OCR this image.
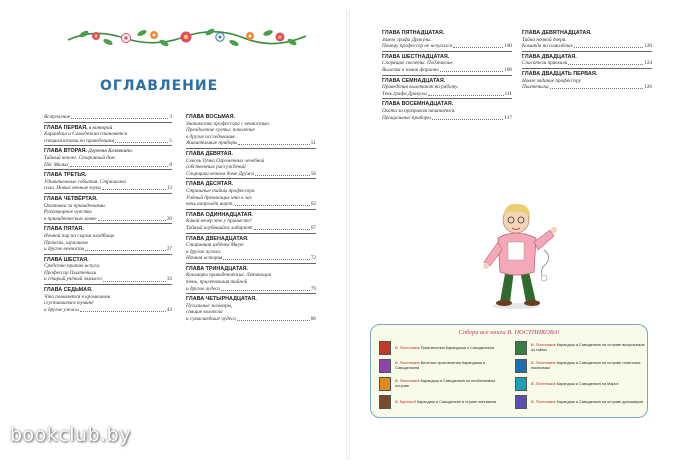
ОГЛАВЛЕНИЕ
Вступление	3
ГЛАВА ПЕРВАЯ, в которой
Карандаш и Самоделкин становятся
специалистами по приведениям	5
ГЛАВА ВТОРАЯ. Деревня Козявкино.
Тайный ночлег. Старинный дом.
Пёс Малых	8
ГЛАВА ТРЕТЬЯ.
Удивительные события. Страшилка
сила. Новые ночные звуки	13
ГЛАВА ЧЕТВЁРТАЯ.
Охотники за привидениями.
Рукотворное чувство
в привиденческом замке	20
ГЛАВА ПЯТАЯ.
Ночной пир на сыром кладбище.
Проказы, шумливые
и другие вечности	27
ГЛАВА ШЕСТАЯ.
Средство против испуга.
Профессор Пыхтеныхи
и старый учёный замысел	33
ГЛАВА СЕДЬМАЯ.
Что появляется в кромешном
сгустившемся тумане
и другие ужасы	43
ГЛАВА ВОСЬМАЯ.
Знакомство профессора с вечностью.
Преодоление суеты: поколение
в другие исследования.
Живительные приборы	51
ГЛАВА ДЕВЯТАЯ.
Сквозь Тучки Огромённых лечебной
собственных рассуждений
Спорщики вечном доме Дружи	56
ГЛАВА ДЕСЯТАЯ.
Страшные тайны профессора.
Учёный дремлющих что в лаз
ночь напролёт ищет.	62
ГЛАВА ОДИННАДЦАТАЯ.
Какой вечер это у пришеств?
Тайный клубящийся лабиринт	67
ГЛАВА ДВЕНАДЦАТАЯ.
Старинная избёнка Мяут
и другие пугала.
Ночная история	72
ГЛАВА ТРИНАДЦАТАЯ.
Кошмары привиденческих. Летающая
тень, прилетевшая тайной
и другие чудеса	79
ГЛАВА ЧЕТЫРНАДЦАТАЯ.
Пугальные заговоры,
спящие колокола
и сумасшедшие чудеса	86
ГЛАВА ПЯТНАДЦАТАЯ.
Замок графа Дракулы.
Почему профессор не испугался	100
ГЛАВА ШЕСТНАДЦАТАЯ.
Спорящие скелеты. Подземелье.
Вылазка в замок фараона	106
ГЛАВА СЕМНАДЦАТАЯ.
Приведения вылетают на работу.
Тень графа Дракулы	111
ГЛАВА ВОСЕМНАДЦАТАЯ.
Охота за призраком начинается.
Прощальные приборы	117
ГЛАВА ДЕВЯТНАДЦАТАЯ.
Тайна ночной двери.
Команда на самолётах	120
ГЛАВА ДВАДЦАТАЯ.
Спасатели приехали	124
ГЛАВА ДВАДЦАТЬ ПЕРВАЯ.
Новое задание профессору
Пыхтеныхи	126
Собери все книги В. ПОСТНИКОВА!
В. Постников Приключения Карандаша и Самоделкина
В. Постников Карандаш и Самоделкин на острове выпускников из тайны
В. Постников Весёлые приключения Карандаша и Самоделкина
В. Постников Карандаш и Самоделкин на острове гигантских насекомых
В. Постников Карандаш и Самоделкин на необитаемом острове
В. Постников Карандаш и Самоделкин на Марсе
В. Крупский Карандаш и Самоделкин в стране пингвинов	В. Постников Карандаш и Самоделкин на острове динозавров
bookclub.by
